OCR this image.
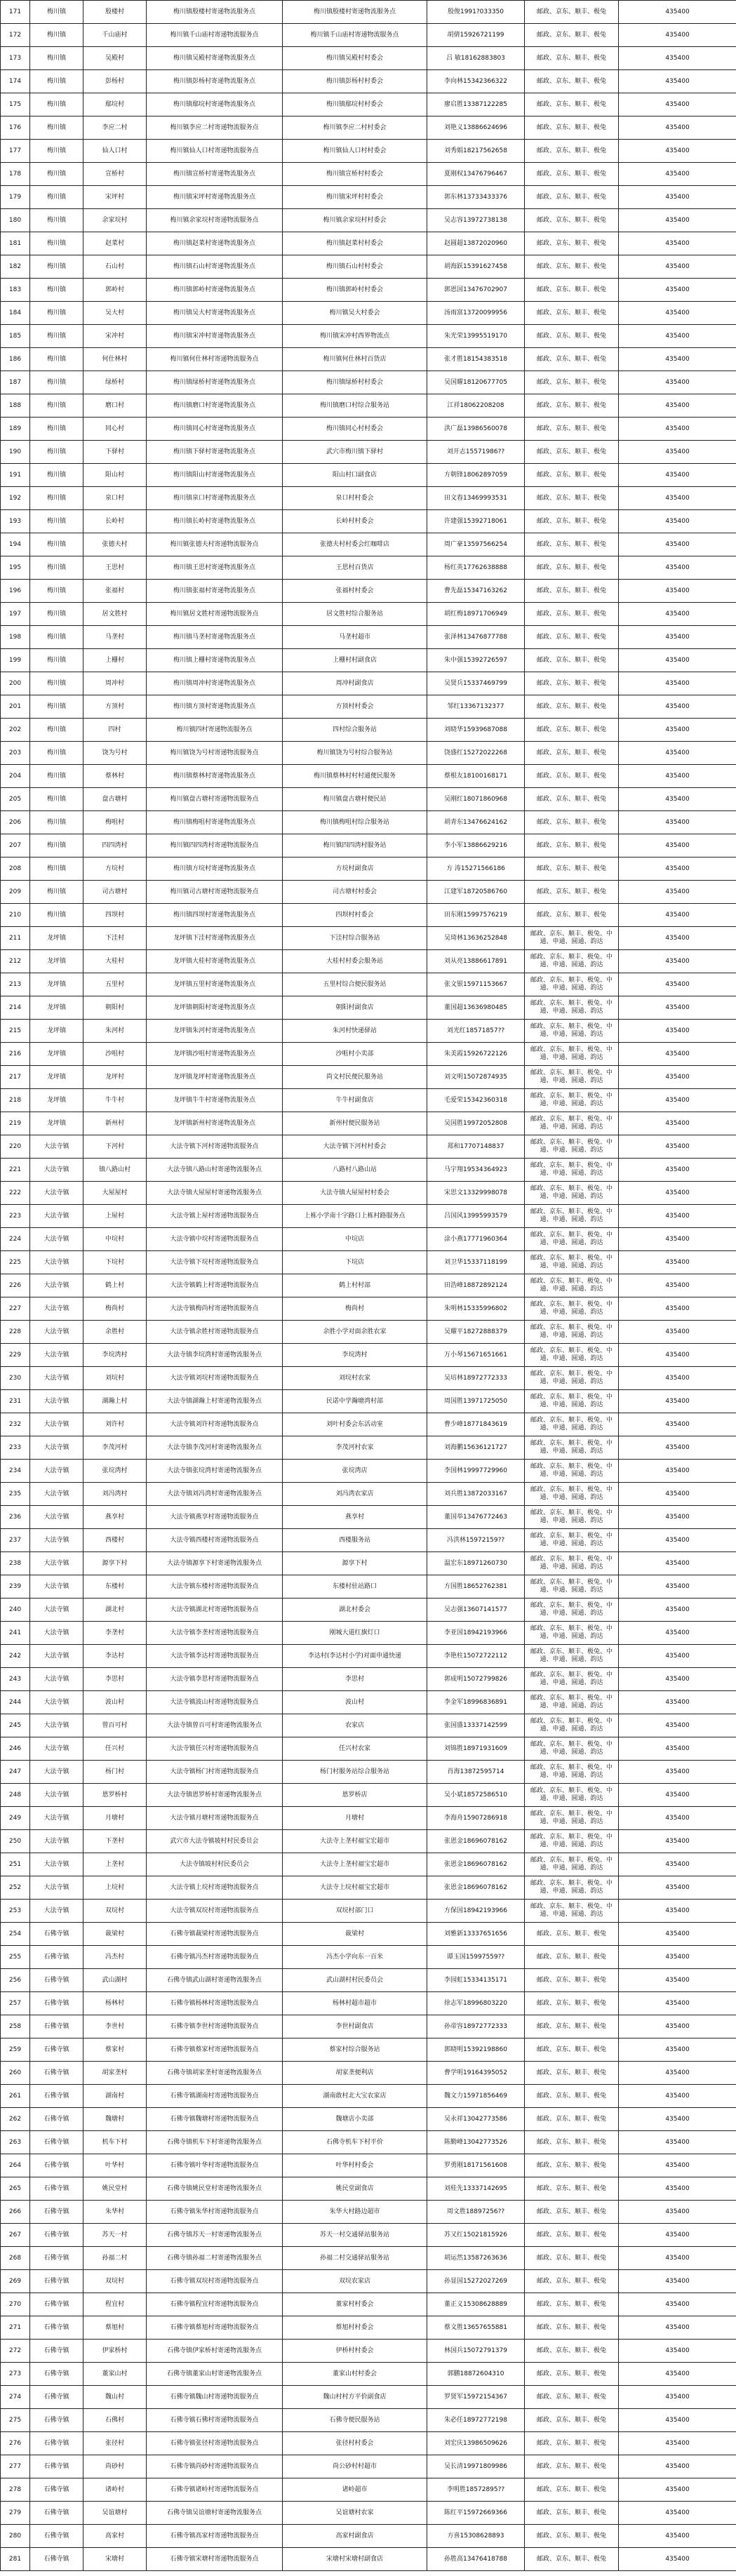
171	梅川镇	殷楼村	梅川镇殷楼村寄递物流服务点	梅川镇殷楼村寄递物流服务点	殷俊1991?033350	邮政、京东、顺丰、极兔	435400
172	梅川镇	千山庙村	梅川镇千山庙村寄递物流服务点	梅川镇千山庙村寄递物流服务点	胡倩15926721199	邮政、京东、顺丰、极兔	435400
173	梅川镇	吴殿村	梅川镇吴殿村寄递物流服务点	梅川镇吴殿村村委会	吕 敏18162883803	邮政、京东、顺丰、极兔	435400
174	梅川镇	彭杨村	梅川镇彭杨村寄递物流服务点	梅川镇彭杨村村委会	李向林15342366322	邮政、京东、顺丰、极兔	435400
175	梅川镇	鄢垸村	梅川镇鄢垸村寄递物流服务点	梅川镇鄢垸村村委会	廖启胜13387122285	邮政、京东、顺丰、极兔	435400
176	梅川镇	李应二村	梅川镇李应二村寄递物流服务点	梅川镇李应二村村委会	刘艳义13886624696	邮政、京东、顺丰、极兔	435400
177	梅川镇	仙人口村	梅川镇仙人口村寄递物流服务点	梅川镇仙人口村村委会	刘秀娟18217562658	邮政、京东、顺丰、极兔	435400
178	梅川镇	宣桥村	梅川镇宣桥村寄递物流服务点	梅川镇宣桥村村委会	夏刚权13476796467	邮政、京东、顺丰、极兔	435400
179	梅川镇	宋坪村	梅川镇宋坪村寄递物流服务点	梅川镇宋坪村村委会	郭东林13733433376	邮政、京东、顺丰、极兔	435400
180	梅川镇	余家垸村	梅川镇余家垸村寄递物流服务点	梅川镇余家垸村村委会	吴志容13972738138	邮政、京东、顺丰、极兔	435400
181	梅川镇	赵菜村	梅川镇赵菜村寄递物流服务点	梅川镇赵菜村村委会	赵圆超13872020960	邮政、京东、顺丰、极兔	435400
182	梅川镇	石山村	梅川镇石山村寄递物流服务点	梅川镇石山村村委会	胡海跃15391627458	邮政、京东、顺丰、极兔	435400
183	梅川镇	郭岭村	梅川镇郭岭村寄递物流服务点	梅川镇郭岭村村委会	郭恩国13476702907	邮政、京东、顺丰、极兔	435400
184	梅川镇	吴大村	梅川镇吴大村寄递物流服务点	梅川镇吴大村委会	汤雨富13720099956	邮政、京东、顺丰、极兔	435400
185	梅川镇	宋冲村	梅川镇宋冲村寄递物流服务点	梅川镇宋冲村西界物流点	朱光荣13995519170	邮政、京东、顺丰、极兔	435400
186	梅川镇	何仕林村	梅川镇何仕林村寄递物流服务点	梅川镇何仕林村百货店	张才胜18154383518	邮政、京东、顺丰、极兔	435400
187	梅川镇	绿桥村	梅川镇绿桥村寄递物流服务点	梅川镇绿桥村村委会	吴国耀18120677705	邮政、京东、顺丰、极兔	435400
188	梅川镇	磨口村	梅川镇磨口村寄递物流服务点	梅川镇磨口村综合服务站	江祥18062208208	邮政、京东、顺丰、极兔	435400
189	梅川镇	同心村	梅川镇同心村寄递物流服务点	梅川镇同心村村委会	洪广磊13986560078	邮政、京东、顺丰、极兔	435400
190	梅川镇	下驿村	梅川镇下驿村寄递物流服务点	武穴市梅川镇下驿村	刘开志15571986??	邮政、京东、顺丰、极兔	435400
191	梅川镇	阳山村	梅川镇阳山村寄递物流服务点	阳山村口副食店	方朝锋18062897059	邮政、京东、顺丰、极兔	435400
192	梅川镇	泉口村	梅川镇泉口村寄递物流服务点	泉口村村委会	田文春13469993531	邮政、京东、顺丰、极兔	435400
193	梅川镇	长岭村	梅川镇长岭村寄递物流服务点	长岭村村委会	许建强15392718061	邮政、京东、顺丰、极兔	435400
194	梅川镇	张德夫村	梅川镇张德夫村寄递物流服务点	张德夫村村委会红咖啡店	周广豪13597566254	邮政、京东、顺丰、极兔	435400
195	梅川镇	王思村	梅川镇王思村寄递物流服务点	王思村百货店	杨红英17762638888	邮政、京东、顺丰、极兔	435400
196	梅川镇	张福村	梅川镇张福村寄递物流服务点	张福村村委会	曹先磊15347163262	邮政、京东、顺丰、极兔	435400
197	梅川镇	居文胜村	梅川镇居文胜村寄递物流服务点	居文胜村综合服务站	胡红梅18971706949	邮政、京东、顺丰、极兔	435400
198	梅川镇	马垄村	梅川镇马垄村寄递物流服务点	马垄村超市	张泽林13476877788	邮政、京东、顺丰、极兔	435400
199	梅川镇	上栅村	梅川镇上栅村寄递物流服务点	上栅村村副食店	朱中强15392726597	邮政、京东、顺丰、极兔	435400
200	梅川镇	周冲村	梅川镇周冲村寄递物流服务点	周冲村副食店	吴贤兵15337469799	邮政、京东、顺丰、极兔	435400
201	梅川镇	方顶村	梅川镇方顶村寄递物流服务点	方顶村村委会	邹红13367132377	邮政、京东、顺丰、极兔	435400
202	梅川镇	四村	梅川镇四村寄递物流服务点	四村综合服务站	刘晓华15939687088	邮政、京东、顺丰、极兔	435400
203	梅川镇	饶为号村	梅川镇饶为号村寄递物流服务点	梅川镇饶为号村综合服务站	饶盛红15272022268	邮政、京东、顺丰、极兔	435400
204	梅川镇	蔡林村	梅川镇蔡林村寄递物流服务点	梅川镇蔡林村村村通便民服务	蔡根友18100168171	邮政、京东、顺丰、极兔	435400
205	梅川镇	盘古塘村	梅川镇盘古塘村寄递物流服务点	梅川镇盘古塘村便民站	吴刚红18071860968	邮政、京东、顺丰、极兔	435400
206	梅川镇	梅咀村	梅川镇梅咀村寄递物流服务点	梅川镇梅咀村综合服务站	胡青东13476624162	邮政、京东、顺丰、极兔	435400
207	梅川镇	四四湾村	梅川镇四四湾村寄递物流服务点	梅川镇四四湾村服务站	李小军13886629216	邮政、京东、顺丰、极兔	435400
208	梅川镇	方垸村	梅川镇方垸村寄递物流服务点	方垸村副食店	方 涛15271566186	邮政、京东、顺丰、极兔	435400
209	梅川镇	司古塘村	梅川镇司古塘村寄递物流服务点	司古塘村村委会	江建军18720586760	邮政、京东、顺丰、极兔	435400
210	梅川镇	四坝村	梅川镇四坝村寄递物流服务点	四坝村村委会	田东刚15997576219	邮政、京东、顺丰、极兔	435400
211	龙坪镇	下洼村	龙坪镇下洼村寄递物流服务点	下洼村综合服务站	吴琦林13636252848	邮政、京东、顺丰、极兔、中通、申通、圆通、韵达	435400
212	龙坪镇	大桂村	龙坪镇大桂村寄递物流服务点	大桂村村委会服务站	刘从亮13886617891	邮政、京东、顺丰、极兔、中通、申通、圆通、韵达	435400
213	龙坪镇	五里村	龙坪镇五里村寄递物流服务点	五里村综合便民服务站	张文银15971153667	邮政、京东、顺丰、极兔、中通、申通、圆通、韵达	435400
214	龙坪镇	朝阳村	龙坪镇朝阳村寄递物流服务点	朝阳村副食店	董国超13636980485	邮政、京东、顺丰、极兔、中通、申通、圆通、韵达	435400
215	龙坪镇	朱河村	龙坪镇朱河村寄递物流服务点	朱河村快递驿站	刘光红18571857??	邮政、京东、顺丰、极兔、中通、申通、圆通、韵达	435400
216	龙坪镇	沙咀村	龙坪镇沙咀村寄递物流服务点	沙咀村小卖部	朱美霞15926722126	邮政、京东、顺丰、极兔、中通、申通、圆通、韵达	435400
217	龙坪镇	龙坪村	龙坪镇龙坪村寄递物流服务点	尚文村民便民服务站	刘文明15072874935	邮政、京东、顺丰、极兔、中通、申通、圆通、韵达	435400
218	龙坪镇	牛牛村	龙坪镇牛牛村寄递物流服务点	牛牛村副食店	毛爱荣15342360318	邮政、京东、顺丰、极兔、中通、申通、圆通、韵达	435400
219	龙坪镇	新州村	龙坪镇新州村寄递物流服务点	新州村便民服务站	吴国胜19972052808	邮政、京东、顺丰、极兔、中通、申通、圆通、韵达	435400
220	大法寺镇	下河村	大法寺镇下河村寄递物流服务点	大法寺镇下河村村委会	郑和17707148837	邮政、京东、顺丰、极兔、中通、申通、圆通、韵达	435400
221	大法寺镇	镇八路山村	大法寺镇八路山村寄递物流服务点	八路村八路山站	马宇翔19534364923	邮政、京东、顺丰、极兔、中通、申通、圆通、韵达	435400
222	大法寺镇	大屋屋村	大法寺镇大屋屋村寄递物流服务点	大法寺镇大屋屋村村委会	宋思文13329998078	邮政、京东、顺丰、极兔、中通、申通、圆通、韵达	435400
223	大法寺镇	上屋村	大法寺镇上屋村寄递物流服务点	上栋小学南十字路口上栋村路服务点	吕国风13995993579	邮政、京东、顺丰、极兔、中通、申通、圆通、韵达	435400
224	大法寺镇	中垸村	大法寺镇中垸村寄递物流服务点	中垸店	涂小燕17771960364	邮政、京东、顺丰、极兔、中通、申通、圆通、韵达	435400
225	大法寺镇	下垸村	大法寺镇下垸村寄递物流服务点	下垸店	刘卫华15337118199	邮政、京东、顺丰、极兔、中通、申通、圆通、韵达	435400
226	大法寺镇	鹤上村	大法寺镇鹤上村寄递物流服务点	鹤上村村部	田浩峰18872892124	邮政、京东、顺丰、极兔、中通、申通、圆通、韵达	435400
227	大法寺镇	梅尚村	大法寺镇梅尚村寄递物流服务点	梅尚村	朱明林15335996802	邮政、京东、顺丰、极兔、中通、申通、圆通、韵达	435400
228	大法寺镇	余胜村	大法寺镇余胜村寄递物流服务点	余胜小学对面余胜农家	吴耀平18272888379	邮政、京东、顺丰、极兔、中通、申通、圆通、韵达	435400
229	大法寺镇	李垸湾村	大法寺镇李垸湾村寄递物流服务点	李垸湾村	万小琴15671651661	邮政、京东、顺丰、极兔、中通、申通、圆通、韵达	435400
230	大法寺镇	刘垸村	大法寺镇刘垸村寄递物流服务点	刘垸村农家	吴培林18972772333	邮政、京东、顺丰、极兔、中通、申通、圆通、韵达	435400
231	大法寺镇	湖瀚上村	大法寺镇湖瀚上村寄递物流服务点	民诺中学瀚塘湾村部	周国胜13971725050	邮政、京东、顺丰、极兔、中通、申通、圆通、韵达	435400
232	大法寺镇	刘许村	大法寺镇刘许村寄递物流服务点	刘叶村委会东活动室	曹少峰18771843619	邮政、京东、顺丰、极兔、中通、申通、圆通、韵达	435400
233	大法寺镇	李茂河村	大法寺镇李茂河村寄递物流服务点	李茂河村农家	刘海鹏15636121727	邮政、京东、顺丰、极兔、中通、申通、圆通、韵达	435400
234	大法寺镇	张垸湾村	大法寺镇张垸湾村寄递物流服务点	张垸湾店	李国林19997729960	邮政、京东、顺丰、极兔、中通、申通、圆通、韵达	435400
235	大法寺镇	刘冯湾村	大法寺镇刘冯湾村寄递物流服务点	刘冯湾农家店	刘兵胜13872033167	邮政、京东、顺丰、极兔、中通、申通、圆通、韵达	435400
236	大法寺镇	燕享村	大法寺镇燕享村寄递物流服务点	燕享村	董国举13476772463	邮政、京东、顺丰、极兔、中通、申通、圆通、韵达	435400
237	大法寺镇	西楼村	大法寺镇西楼村寄递物流服务点	西楼服务站	冯洪林15972159??	邮政、京东、顺丰、极兔、中通、申通、圆通、韵达	435400
238	大法寺镇	源享下村	大法寺镇源享下村寄递物流服务点	源享下村	温宏东18971260730	邮政、京东、顺丰、极兔、中通、申通、圆通、韵达	435400
239	大法寺镇	东楼村	大法寺镇东楼村寄递物流服务点	东楼村驻站路口	方国胜18652762381	邮政、京东、顺丰、极兔、中通、申通、圆通、韵达	435400
240	大法寺镇	湖北村	大法寺镇湖北村寄递物流服务点	湖北村委会	吴志强13607141577	邮政、京东、顺丰、极兔、中通、申通、圆通、韵达	435400
241	大法寺镇	李垄村	大法寺镇李垄村寄递物流服务点	刚城大道红旗灯口	李亚国18942193966	邮政、京东、顺丰、极兔、中通、申通、圆通、韵达	435400
242	大法寺镇	李达村	大法寺镇李达村寄递物流服务点	李达村(李达村小学)对面申通快递	李艳柱15072722112	邮政、京东、顺丰、极兔、中通、申通、圆通、韵达	435400
243	大法寺镇	李思村	大法寺镇李思村寄递物流服务点	李思村	郭成明15072799826	邮政、京东、顺丰、极兔、中通、申通、圆通、韵达	435400
244	大法寺镇	波山村	大法寺镇波山村寄递物流服务点	波山村	李金军18996836891	邮政、京东、顺丰、极兔、中通、申通、圆通、韵达	435400
245	大法寺镇	曾百可村	大法寺镇曾百可村寄递物流服务点	农家店	张国盛13337142599	邮政、京东、顺丰、极兔、中通、申通、圆通、韵达	435400
246	大法寺镇	任兴村	大法寺镇任兴村寄递物流服务点	任兴村农家	刘锦胜18971931609	邮政、京东、顺丰、极兔、中通、申通、圆通、韵达	435400
247	大法寺镇	杨门村	大法寺镇杨门村寄递物流服务点	杨门村服务站综合服务站	肖海13872595714	邮政、京东、顺丰、极兔、中通、申通、圆通、韵达	435400
248	大法寺镇	恩罗桥村	大法寺镇恩罗桥村寄递物流服务点	恩罗桥店	吴小斌18572586510	邮政、京东、顺丰、极兔、中通、申通、圆通、韵达	435400
249	大法寺镇	月塘村	大法寺镇月塘村寄递物流服务点	月塘村	李海舟15907286918	邮政、京东、顺丰、极兔、中通、申通、圆通、韵达	435400
250	大法寺镇	下垄村	武穴市大法寺镇坡村村民委员会	大法寺上垄村福宝宏超市	张恩金18696078162	邮政、京东、顺丰、极兔、中通、申通、圆通、韵达	435400
251	大法寺镇	上垄村	大法寺镇坡村村民委员会	大法寺上垄村福宝宏超市	张恩金18696078162	邮政、京东、顺丰、极兔、中通、申通、圆通、韵达	435400
252	大法寺镇	上垸村	大法寺镇上垸村寄递物流服务点	大法寺上垸村福宝宏超市	张恩金18696078162	邮政、京东、顺丰、极兔、中通、申通、圆通、韵达	435400
253	大法寺镇	双垸村	大法寺镇双垸村寄递物流服务点	双垸村部门口	方保国18942193966	邮政、京东、顺丰、极兔、中通、申通、圆通、韵达	435400
254	石佛寺镇	裁梁村	石佛寺镇裁梁村寄递物流服务点	裁梁村	刘雅新13337651656	邮政、京东、顺丰、极兔	435400
255	石佛寺镇	冯杰村	石佛寺镇冯杰村寄递物流服务点	冯杰小学向东一百米	谭玉国15997559??	邮政、京东、顺丰、极兔	435400
256	石佛寺镇	武山湖村	石佛寺镇武山湖村寄递物流服务点	武山湖村村民委员会	李园虹15334135171	邮政、京东、顺丰、极兔	435400
257	石佛寺镇	杨林村	石佛寺镇杨林村寄递物流服务点	杨林村超市超市	徐志军18996803220	邮政、京东、顺丰、极兔	435400
258	石佛寺镇	李世村	石佛寺镇李世村寄递物流服务点	李世村副食店	孙帝容18972772333	邮政、京东、顺丰、极兔	435400
259	石佛寺镇	蔡家村	石佛寺镇蔡家村寄递物流服务点	蔡家村综合服务站	郭晓明15392198860	邮政、京东、顺丰、极兔	435400
260	石佛寺镇	胡家垄村	石佛寺镇胡家垄村寄递物流服务点	胡家垄便利店	曹学明19164395052	邮政、京东、顺丰、极兔	435400
261	石佛寺镇	湖南村	石佛寺镇湖南村寄递物流服务点	湖南敢村北大宝农家店	魏文力15971856469	邮政、京东、顺丰、极兔	435400
262	石佛寺镇	魏塘村	石佛寺镇魏塘村寄递物流服务点	魏塘店小卖部	吴永祥13042773586	邮政、京东、顺丰、极兔	435400
263	石佛寺镇	机车下村	石佛寺镇机车下村寄递物流服务点	石佛寺机车下村平价	陈勤峰13042773526	邮政、京东、顺丰、极兔	435400
264	石佛寺镇	叶华村	石佛寺镇叶华村寄递物流服务点	叶华村村委会	罗勇刚18171561608	邮政、京东、顺丰、极兔	435400
265	石佛寺镇	姚民堂村	石佛寺镇姚民堂村寄递物流服务点	姚民堂副食店	刘桂先13337142695	邮政、京东、顺丰、极兔	435400
266	石佛寺镇	朱华村	石佛寺镇朱华村寄递物流服务点	朱华大村路边超市	周文胜18897256??	邮政、京东、顺丰、极兔	435400
267	石佛寺镇	苏天一村	石佛寺镇苏天一村寄递物流服务点	苏天一村交通驿站服务站	苏又红15021815926	邮政、京东、顺丰、极兔	435400
268	石佛寺镇	孙福二村	石佛寺镇孙福二村寄递物流服务点	孙福二村交通驿站服务站	胡运然13587263636	邮政、京东、顺丰、极兔	435400
269	石佛寺镇	双垸村	石佛寺镇双垸村寄递物流服务点	双垸农家店	孙显国15272027269	邮政、京东、顺丰、极兔	435400
270	石佛寺镇	程宜村	石佛寺镇程宜村寄递物流服务点	董家村村委会	董正义15308628889	邮政、京东、顺丰、极兔	435400
271	石佛寺镇	蔡旭村	石佛寺镇蔡旭村寄递物流服务点	蔡旭村村委会	蔡文胜13657655881	邮政、京东、顺丰、极兔	435400
272	石佛寺镇	伊家桥村	石佛寺镇伊家桥村寄递物流服务点	伊桥村村委会	林国兵15072791379	邮政、京东、顺丰、极兔	435400
273	石佛寺镇	董家山村	石佛寺镇董家山村寄递物流服务点	董家山村村委会	郭鹏18872604310	邮政、京东、顺丰、极兔	435400
274	石佛寺镇	魏山村	石佛寺镇魏山村寄递物流服务点	魏山村村方平价副食店	罗贤军15972154367	邮政、京东、顺丰、极兔	435400
275	石佛寺镇	石佛村	石佛寺镇石佛村寄递物流服务点	石佛寺便民服务站	朱必任18972772198	邮政、京东、顺丰、极兔	435400
276	石佛寺镇	张径村	石佛寺镇张径村寄递物流服务点	张径村村委会	刘宏庆13986509626	邮政、京东、顺丰、极兔	435400
277	石佛寺镇	尚砂村	石佛寺镇尚砂村寄递物流服务点	尚公砂村村超市	吴长清19971809986	邮政、京东、顺丰、极兔	435400
278	石佛寺镇	诸岭村	石佛寺镇诸岭村寄递物流服务点	诸岭超市	李明胜18572895??	邮政、京东、顺丰、极兔	435400
279	石佛寺镇	吴谊塘村	石佛寺镇吴谊塘村寄递物流服务点	吴谊塘村农家	陈红平15972669366	邮政、京东、顺丰、极兔	435400
280	石佛寺镇	高家村	石佛寺镇高家村寄递物流服务点	高家村副食店	方喜15308628893	邮政、京东、顺丰、极兔	435400
281	石佛寺镇	宋塘村	石佛寺镇宋塘村寄递物流服务点	宋塘村宋塘村副食店	孙胜高13476418788	邮政、京东、顺丰、极兔	435400
